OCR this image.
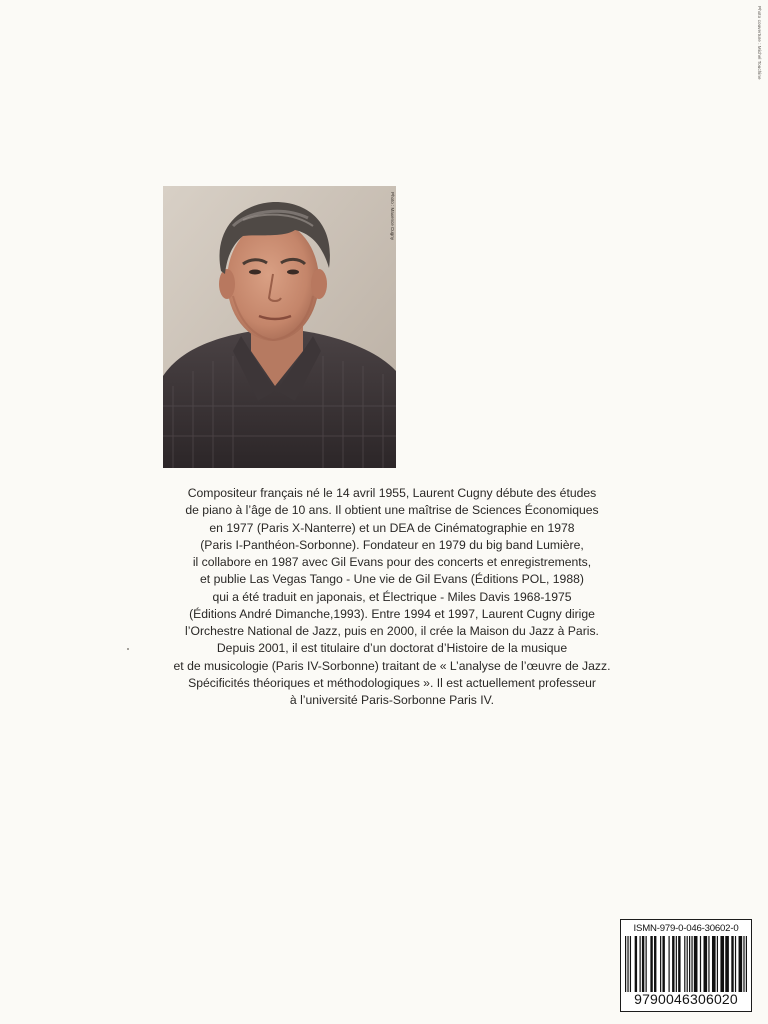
Photo couverture : Michel Touchine
Photo : Maxence Cugny
Compositeur français né le 14 avril 1955, Laurent Cugny débute des études
de piano à l’âge de 10 ans. Il obtient une maîtrise de Sciences Économiques
en 1977 (Paris X-Nanterre) et un DEA de Cinématographie en 1978
(Paris I-Panthéon-Sorbonne). Fondateur en 1979 du big band Lumière,
il collabore en 1987 avec Gil Evans pour des concerts et enregistrements,
et publie Las Vegas Tango - Une vie de Gil Evans (Éditions POL, 1988)
qui a été traduit en japonais, et Électrique - Miles Davis 1968-1975
(Éditions André Dimanche,1993). Entre 1994 et 1997, Laurent Cugny dirige
l’Orchestre National de Jazz, puis en 2000, il crée la Maison du Jazz à Paris.
Depuis 2001, il est titulaire d’un doctorat d’Histoire de la musique
et de musicologie (Paris IV-Sorbonne) traitant de « L’analyse de l’œuvre de Jazz.
Spécificités théoriques et méthodologiques ». Il est actuellement professeur
à l’université Paris-Sorbonne Paris IV.
ISMN-979-0-046-30602-0
9790046306020
